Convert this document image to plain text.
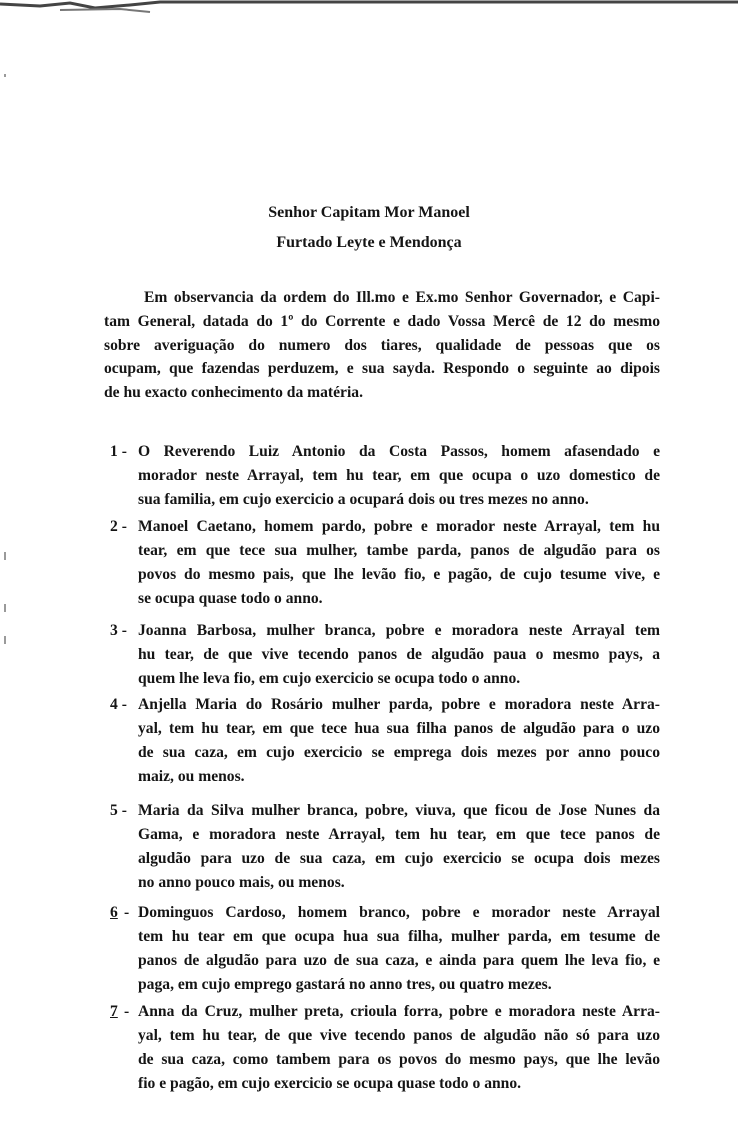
Senhor Capitam Mor Manoel
Furtado Leyte e Mendonça
Em observancia da ordem do Ill.mo e Ex.mo Senhor Governador, e Capi-
tam General, datada do 1º do Corrente e dado Vossa Mercê de 12 do mesmo
sobre averiguação do numero dos tiares, qualidade de pessoas que os
ocupam, que fazendas perduzem, e sua sayda. Respondo o seguinte ao dipois
de hu exacto conhecimento da matéria.
1 - O Reverendo Luiz Antonio da Costa Passos, homem afasendado e
morador neste Arrayal, tem hu tear, em que ocupa o uzo domestico de
sua familia, em cujo exercicio a ocupará dois ou tres mezes no anno.
2 - Manoel Caetano, homem pardo, pobre e morador neste Arrayal, tem hu
tear, em que tece sua mulher, tambe parda, panos de algudão para os
povos do mesmo pais, que lhe levão fio, e pagão, de cujo tesume vive, e
se ocupa quase todo o anno.
3 - Joanna Barbosa, mulher branca, pobre e moradora neste Arrayal tem
hu tear, de que vive tecendo panos de algudão paua o mesmo pays, a
quem lhe leva fio, em cujo exercicio se ocupa todo o anno.
4 - Anjella Maria do Rosário mulher parda, pobre e moradora neste Arra-
yal, tem hu tear, em que tece hua sua filha panos de algudão para o uzo
de sua caza, em cujo exercicio se emprega dois mezes por anno pouco
maiz, ou menos.
5 - Maria da Silva mulher branca, pobre, viuva, que ficou de Jose Nunes da
Gama, e moradora neste Arrayal, tem hu tear, em que tece panos de
algudão para uzo de sua caza, em cujo exercicio se ocupa dois mezes
no anno pouco mais, ou menos.
6 - Dominguos Cardoso, homem branco, pobre e morador neste Arrayal
tem hu tear em que ocupa hua sua filha, mulher parda, em tesume de
panos de algudão para uzo de sua caza, e ainda para quem lhe leva fio, e
paga, em cujo emprego gastará no anno tres, ou quatro mezes.
7 - Anna da Cruz, mulher preta, crioula forra, pobre e moradora neste Arra-
yal, tem hu tear, de que vive tecendo panos de algudão não só para uzo
de sua caza, como tambem para os povos do mesmo pays, que lhe levão
fio e pagão, em cujo exercicio se ocupa quase todo o anno.
